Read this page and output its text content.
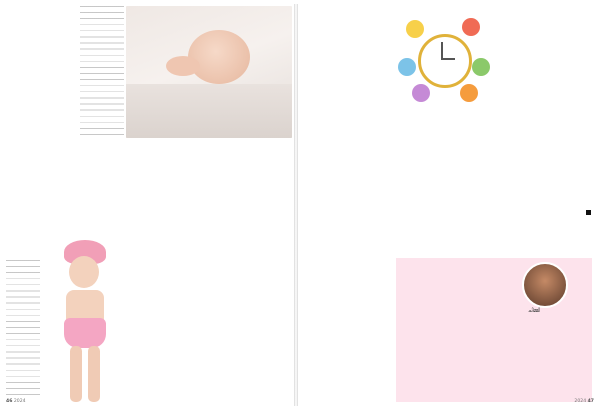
46 2024

ചിമ്മി

2024 47
